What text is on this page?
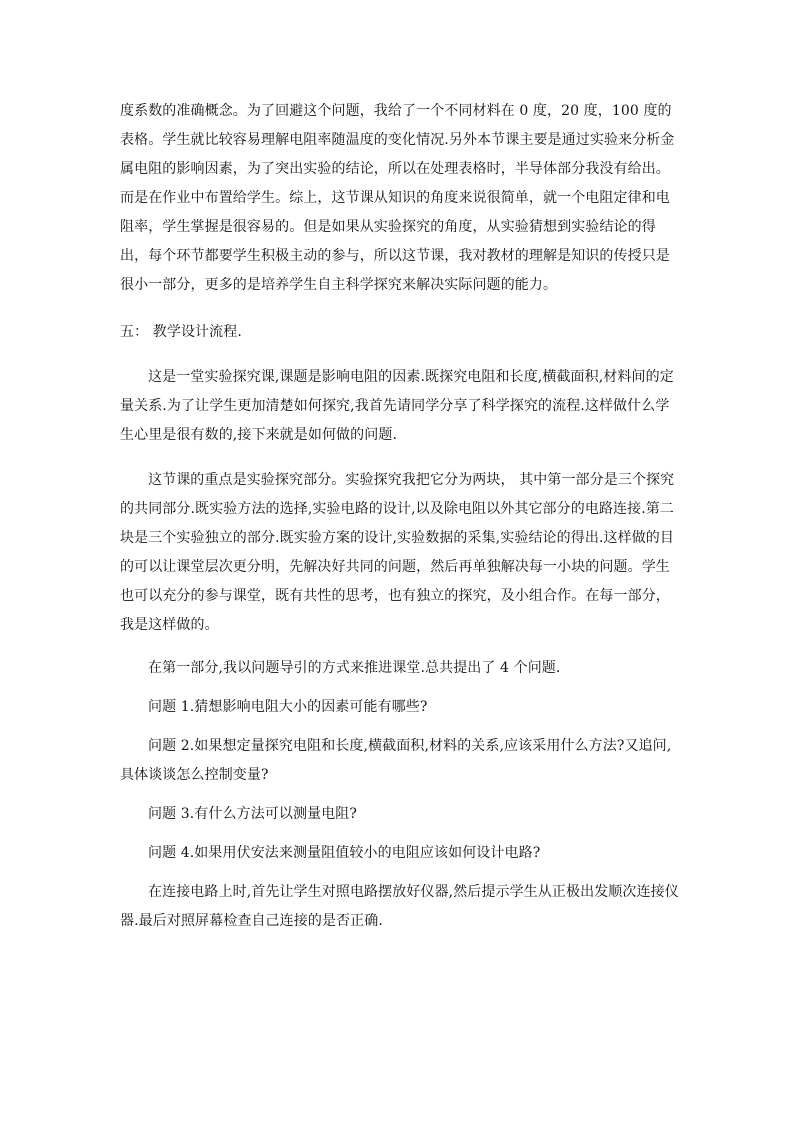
度系数的准确概念。为了回避这个问题，我给了一个不同材料在 0 度，20 度，100 度的表格。学生就比较容易理解电阻率随温度的变化情况.另外本节课主要是通过实验来分析金属电阻的影响因素，为了突出实验的结论，所以在处理表格时，半导体部分我没有给出。而是在作业中布置给学生。综上，这节课从知识的角度来说很简单，就一个电阻定律和电阻率，学生掌握是很容易的。但是如果从实验探究的角度，从实验猜想到实验结论的得出，每个环节都要学生积极主动的参与，所以这节课，我对教材的理解是知识的传授只是很小一部分，更多的是培养学生自主科学探究来解决实际问题的能力。

五： 教学设计流程.

这是一堂实验探究课,课题是影响电阻的因素.既探究电阻和长度,横截面积,材料间的定量关系.为了让学生更加清楚如何探究,我首先请同学分享了科学探究的流程.这样做什么学生心里是很有数的,接下来就是如何做的问题.

这节课的重点是实验探究部分。实验探究我把它分为两块， 其中第一部分是三个探究的共同部分.既实验方法的选择,实验电路的设计,以及除电阻以外其它部分的电路连接.第二块是三个实验独立的部分.既实验方案的设计,实验数据的采集,实验结论的得出.这样做的目的可以让课堂层次更分明，先解决好共同的问题，然后再单独解决每一小块的问题。学生也可以充分的参与课堂，既有共性的思考，也有独立的探究，及小组合作。在每一部分，我是这样做的。

在第一部分,我以问题导引的方式来推进课堂.总共提出了 4 个问题.

问题 1.猜想影响电阻大小的因素可能有哪些?

问题 2.如果想定量探究电阻和长度,横截面积,材料的关系,应该采用什么方法?又追问,具体谈谈怎么控制变量?

问题 3.有什么方法可以测量电阻?

问题 4.如果用伏安法来测量阻值较小的电阻应该如何设计电路?

在连接电路上时,首先让学生对照电路摆放好仪器,然后提示学生从正极出发顺次连接仪器.最后对照屏幕检查自己连接的是否正确.
